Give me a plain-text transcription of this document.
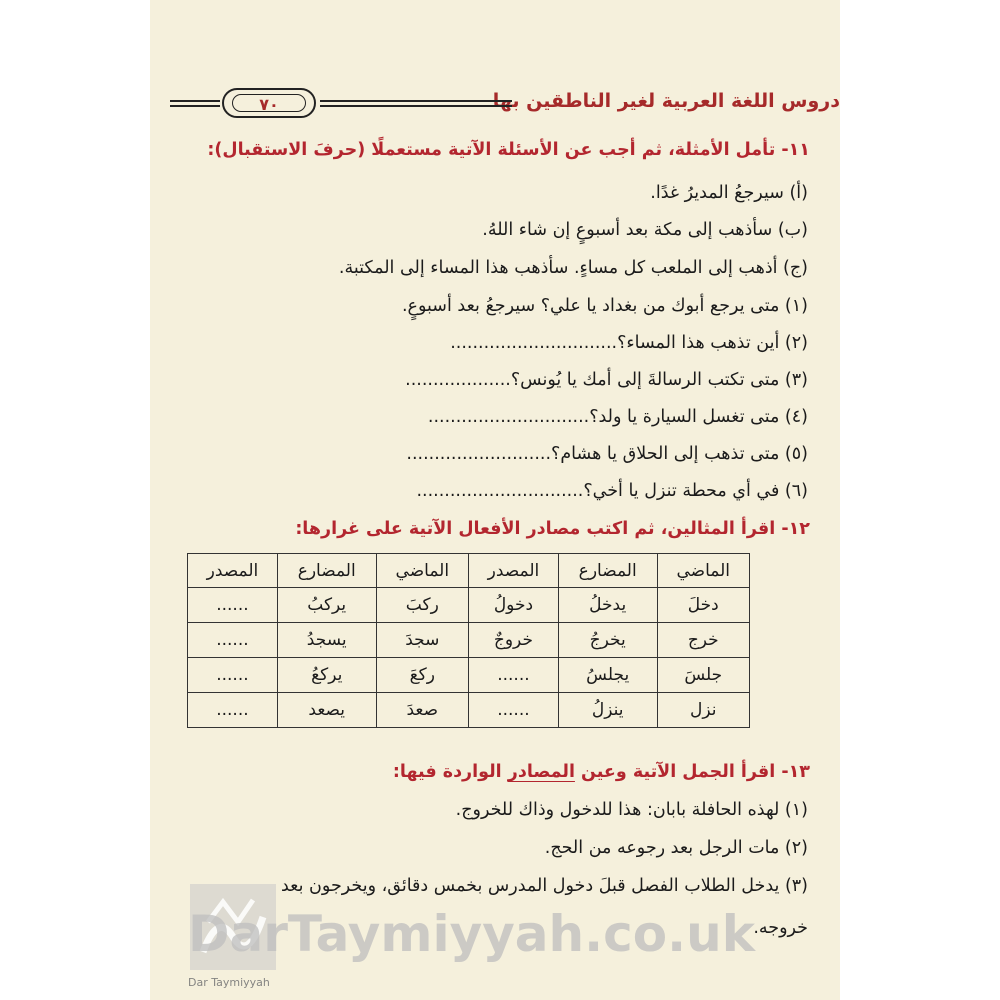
دروس اللغة العربية لغير الناطقين بها
٧٠
١١- تأمل الأمثلة، ثم أجب عن الأسئلة الآتية مستعملًا (حرفَ الاستقبال):
(أ) سيرجعُ المديرُ غدًا.
(ب) سأذهب إلى مكة بعد أسبوعٍ إن شاء اللهُ.
(ج) أذهب إلى الملعب كل مساءٍ. سأذهب هذا المساء إلى المكتبة.
(١) متى يرجع أبوك من بغداد يا علي؟ سيرجعُ بعد أسبوعٍ.
(٢) أين تذهب هذا المساء؟..............................
(٣) متى تكتب الرسالةَ إلى أمك يا يُونس؟...................
(٤) متى تغسل السيارة يا ولد؟.............................
(٥) متى تذهب إلى الحلاق يا هشام؟..........................
(٦) في أي محطة تنزل يا أخي؟..............................
١٢- اقرأ المثالين، ثم اكتب مصادر الأفعال الآتية على غرارها:
الماضي	المضارع	المصدر	الماضي	المضارع	المصدر
دخلَ	يدخلُ	دخولُ	ركبَ	يركبُ	......
خرج	يخرجُ	خروجٌ	سجدَ	يسجدُ	......
جلسَ	يجلسُ	......	ركعَ	يركعُ	......
نزل	ينزلُ	......	صعدَ	يصعد	......
١٣- اقرأ الجمل الآتية وعين المصادر الواردة فيها:
(١) لهذه الحافلة بابان: هذا للدخول وذاك للخروج.
(٢) مات الرجل بعد رجوعه من الحج.
(٣) يدخل الطلاب الفصل قبلَ دخول المدرس بخمس دقائق، ويخرجون بعد
خروجه.
DarTaymiyyah.co.uk
Dar Taymiyyah
